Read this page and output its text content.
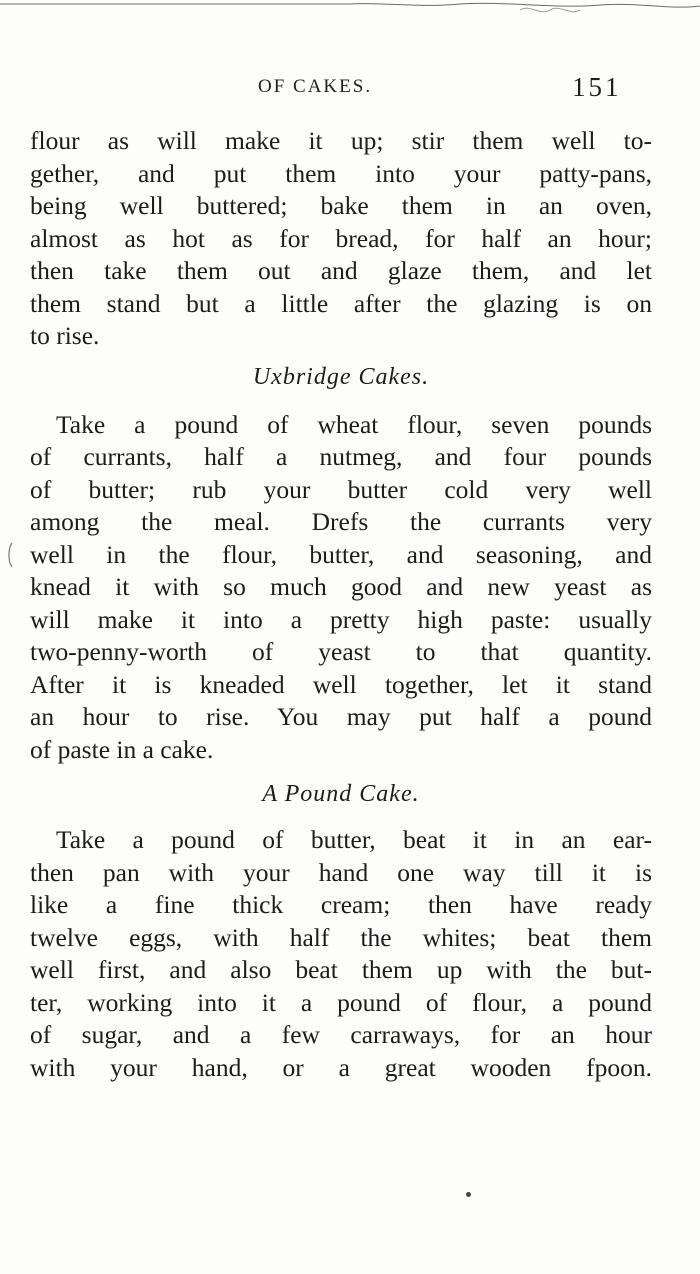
OF CAKES.	151
flour as will make it up; stir them well to-
gether, and put them into your patty-pans,
being well buttered; bake them in an oven,
almost as hot as for bread, for half an hour;
then take them out and glaze them, and let
them stand but a little after the glazing is on
to rise.
Uxbridge Cakes.
Take a pound of wheat flour, seven pounds
of currants, half a nutmeg, and four pounds
of butter; rub your butter cold very well
among the meal. Drefs the currants very
well in the flour, butter, and seasoning, and
knead it with so much good and new yeast as
will make it into a pretty high paste: usually
two-penny-worth of yeast to that quantity.
After it is kneaded well together, let it stand
an hour to rise. You may put half a pound
of paste in a cake.
A Pound Cake.
Take a pound of butter, beat it in an ear-
then pan with your hand one way till it is
like a fine thick cream; then have ready
twelve eggs, with half the whites; beat them
well first, and also beat them up with the but-
ter, working into it a pound of flour, a pound
of sugar, and a few carraways, for an hour
with your hand, or a great wooden fpoon.
